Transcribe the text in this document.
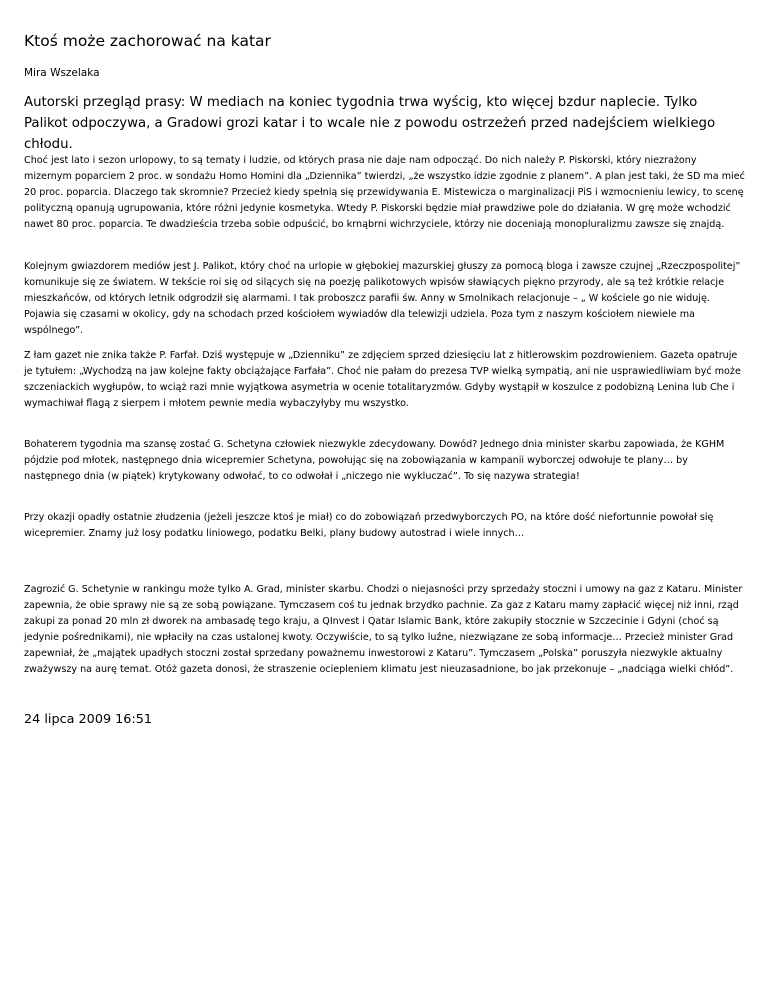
Ktoś może zachorować na katar

Mira Wszelaka

Autorski przegląd prasy: W mediach na koniec tygodnia trwa wyścig, kto więcej bzdur naplecie. Tylko Palikot odpoczywa, a Gradowi grozi katar i to wcale nie z powodu ostrzeżeń przed nadejściem wielkiego chłodu.

Choć jest lato i sezon urlopowy, to są tematy i ludzie, od których prasa nie daje nam odpocząć. Do nich należy P. Piskorski, który niezrażony mizernym poparciem 2 proc. w sondażu Homo Homini dla „Dziennika” twierdzi, „że wszystko idzie zgodnie z planem”. A plan jest taki, że SD ma mieć 20 proc. poparcia. Dlaczego tak skromnie? Przecież kiedy spełnią się przewidywania E. Mistewicza o marginalizacji PiS i wzmocnieniu lewicy, to scenę polityczną opanują ugrupowania, które różni jedynie kosmetyka. Wtedy P. Piskorski będzie miał prawdziwe pole do działania. W grę może wchodzić nawet 80 proc. poparcia. Te dwadzieścia trzeba sobie odpuścić, bo krnąbrni wichrzyciele, którzy nie doceniają monopluralizmu zawsze się znajdą.

Kolejnym gwiazdorem mediów jest J. Palikot, który choć na urlopie w głębokiej mazurskiej głuszy za pomocą bloga i zawsze czujnej „Rzeczpospolitej” komunikuje się ze światem. W tekście roi się od silących się na poezję palikotowych wpisów sławiących piękno przyrody, ale są też krótkie relacje mieszkańców, od których letnik odgrodził się alarmami. I tak proboszcz parafii św. Anny w Smolnikach relacjonuje – „ W kościele go nie widuję. Pojawia się czasami w okolicy, gdy na schodach przed kościołem wywiadów dla telewizji udziela. Poza tym z naszym kościołem niewiele ma wspólnego”.

Z łam gazet nie znika także P. Farfał. Dziś występuje w „Dzienniku” ze zdjęciem sprzed dziesięciu lat z hitlerowskim pozdrowieniem. Gazeta opatruje je tytułem: „Wychodzą na jaw kolejne fakty obciążające Farfała”. Choć nie pałam do prezesa TVP wielką sympatią, ani nie usprawiedliwiam być może szczeniackich wygłupów, to wciąż razi mnie wyjątkowa asymetria w ocenie totalitaryzmów. Gdyby wystąpił w koszulce z podobizną Lenina lub Che i wymachiwał flagą z sierpem i młotem pewnie media wybaczyłyby mu wszystko.

Bohaterem tygodnia ma szansę zostać G. Schetyna człowiek niezwykle zdecydowany. Dowód? Jednego dnia minister skarbu zapowiada, że KGHM pójdzie pod młotek, następnego dnia wicepremier Schetyna, powołując się na zobowiązania w kampanii wyborczej odwołuje te plany… by następnego dnia (w piątek) krytykowany odwołać, to co odwołał i „niczego nie wykluczać”. To się nazywa strategia!

Przy okazji opadły ostatnie złudzenia (jeżeli jeszcze ktoś je miał) co do zobowiązań przedwyborczych PO, na które dość niefortunnie powołał się wicepremier. Znamy już losy podatku liniowego, podatku Belki, plany budowy autostrad i wiele innych…

Zagrozić G. Schetynie w rankingu może tylko A. Grad, minister skarbu. Chodzi o niejasności przy sprzedaży stoczni i umowy na gaz z Kataru. Minister zapewnia, że obie sprawy nie są ze sobą powiązane. Tymczasem coś tu jednak brzydko pachnie. Za gaz z Kataru mamy zapłacić więcej niż inni, rząd zakupi za ponad 20 mln zł dworek na ambasadę tego kraju, a QInvest i Qatar Islamic Bank, które zakupiły stocznie w Szczecinie i Gdyni (choć są jedynie pośrednikami), nie wpłaciły na czas ustalonej kwoty. Oczywiście, to są tylko luźne, niezwiązane ze sobą informacje… Przecież minister Grad zapewniał, że „majątek upadłych stoczni został sprzedany poważnemu inwestorowi z Kataru”. Tymczasem „Polska” poruszyła niezwykle aktualny zważywszy na aurę temat. Otóż gazeta donosi, że straszenie ociepleniem klimatu jest nieuzasadnione, bo jak przekonuje – „nadciąga wielki chłód”.

24 lipca 2009 16:51
